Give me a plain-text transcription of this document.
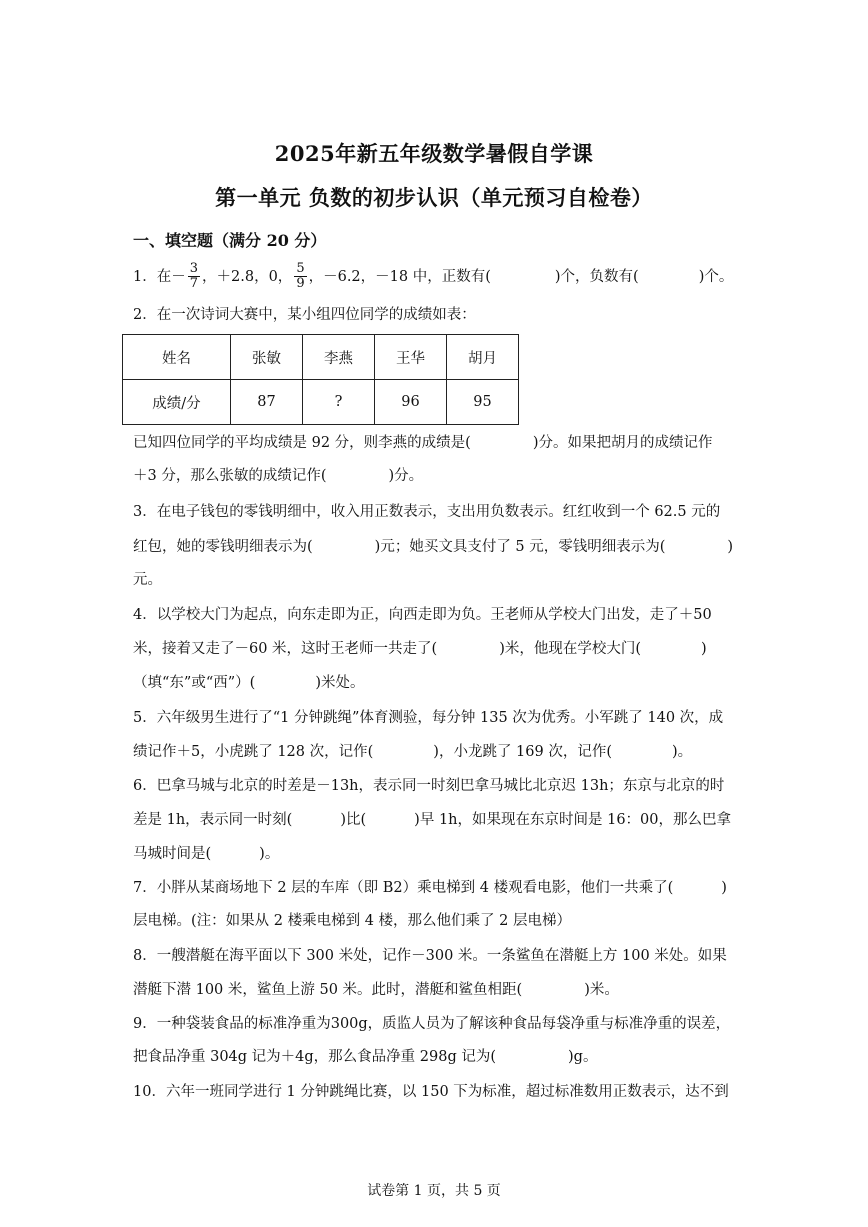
2025年新五年级数学暑假自学课
第一单元 负数的初步认识（单元预习自检卷）
一、填空题（满分 20 分）
1．在－ $\frac{3}{7}$ ，＋2.8，0， $\frac{5}{9}$ ，－6.2，－18 中，正数有(	)个，负数有(	)个。
2．在一次诗词大赛中，某小组四位同学的成绩如表：
姓名	张敏	李燕	王华	胡月
成绩/分	87	?	96	95
已知四位同学的平均成绩是 92 分，则李燕的成绩是(	)分。如果把胡月的成绩记作
＋3 分，那么张敏的成绩记作(	)分。
3．在电子钱包的零钱明细中，收入用正数表示，支出用负数表示。红红收到一个 62.5 元的
红包，她的零钱明细表示为(	)元；她买文具支付了 5 元，零钱明细表示为(	)
元。
4．以学校大门为起点，向东走即为正，向西走即为负。王老师从学校大门出发，走了＋50
米，接着又走了－60 米，这时王老师一共走了(	)米，他现在学校大门(	)
（填“东”或“西”）(	)米处。
5．六年级男生进行了“1 分钟跳绳”体育测验，每分钟 135 次为优秀。小军跳了 140 次，成
绩记作＋5，小虎跳了 128 次，记作(	)，小龙跳了 169 次，记作(	)。
6．巴拿马城与北京的时差是－13h，表示同一时刻巴拿马城比北京迟 13h；东京与北京的时
差是 1h，表示同一时刻(	)比(	)早 1h，如果现在东京时间是 16：00，那么巴拿
马城时间是(	)。
7．小胖从某商场地下 2 层的车库（即 B2）乘电梯到 4 楼观看电影，他们一共乘了(	)
层电梯。(注：如果从 2 楼乘电梯到 4 楼，那么他们乘了 2 层电梯）
8．一艘潜艇在海平面以下 300 米处，记作－300 米。一条鲨鱼在潜艇上方 100 米处。如果
潜艇下潜 100 米，鲨鱼上游 50 米。此时，潜艇和鲨鱼相距(	)米。
9．一种袋装食品的标准净重为300g，质监人员为了解该种食品每袋净重与标准净重的误差，
把食品净重 304g 记为＋4g，那么食品净重 298g 记为(	)g。
10．六年一班同学进行 1 分钟跳绳比赛，以 150 下为标准，超过标准数用正数表示，达不到
试卷第 1 页，共 5 页
